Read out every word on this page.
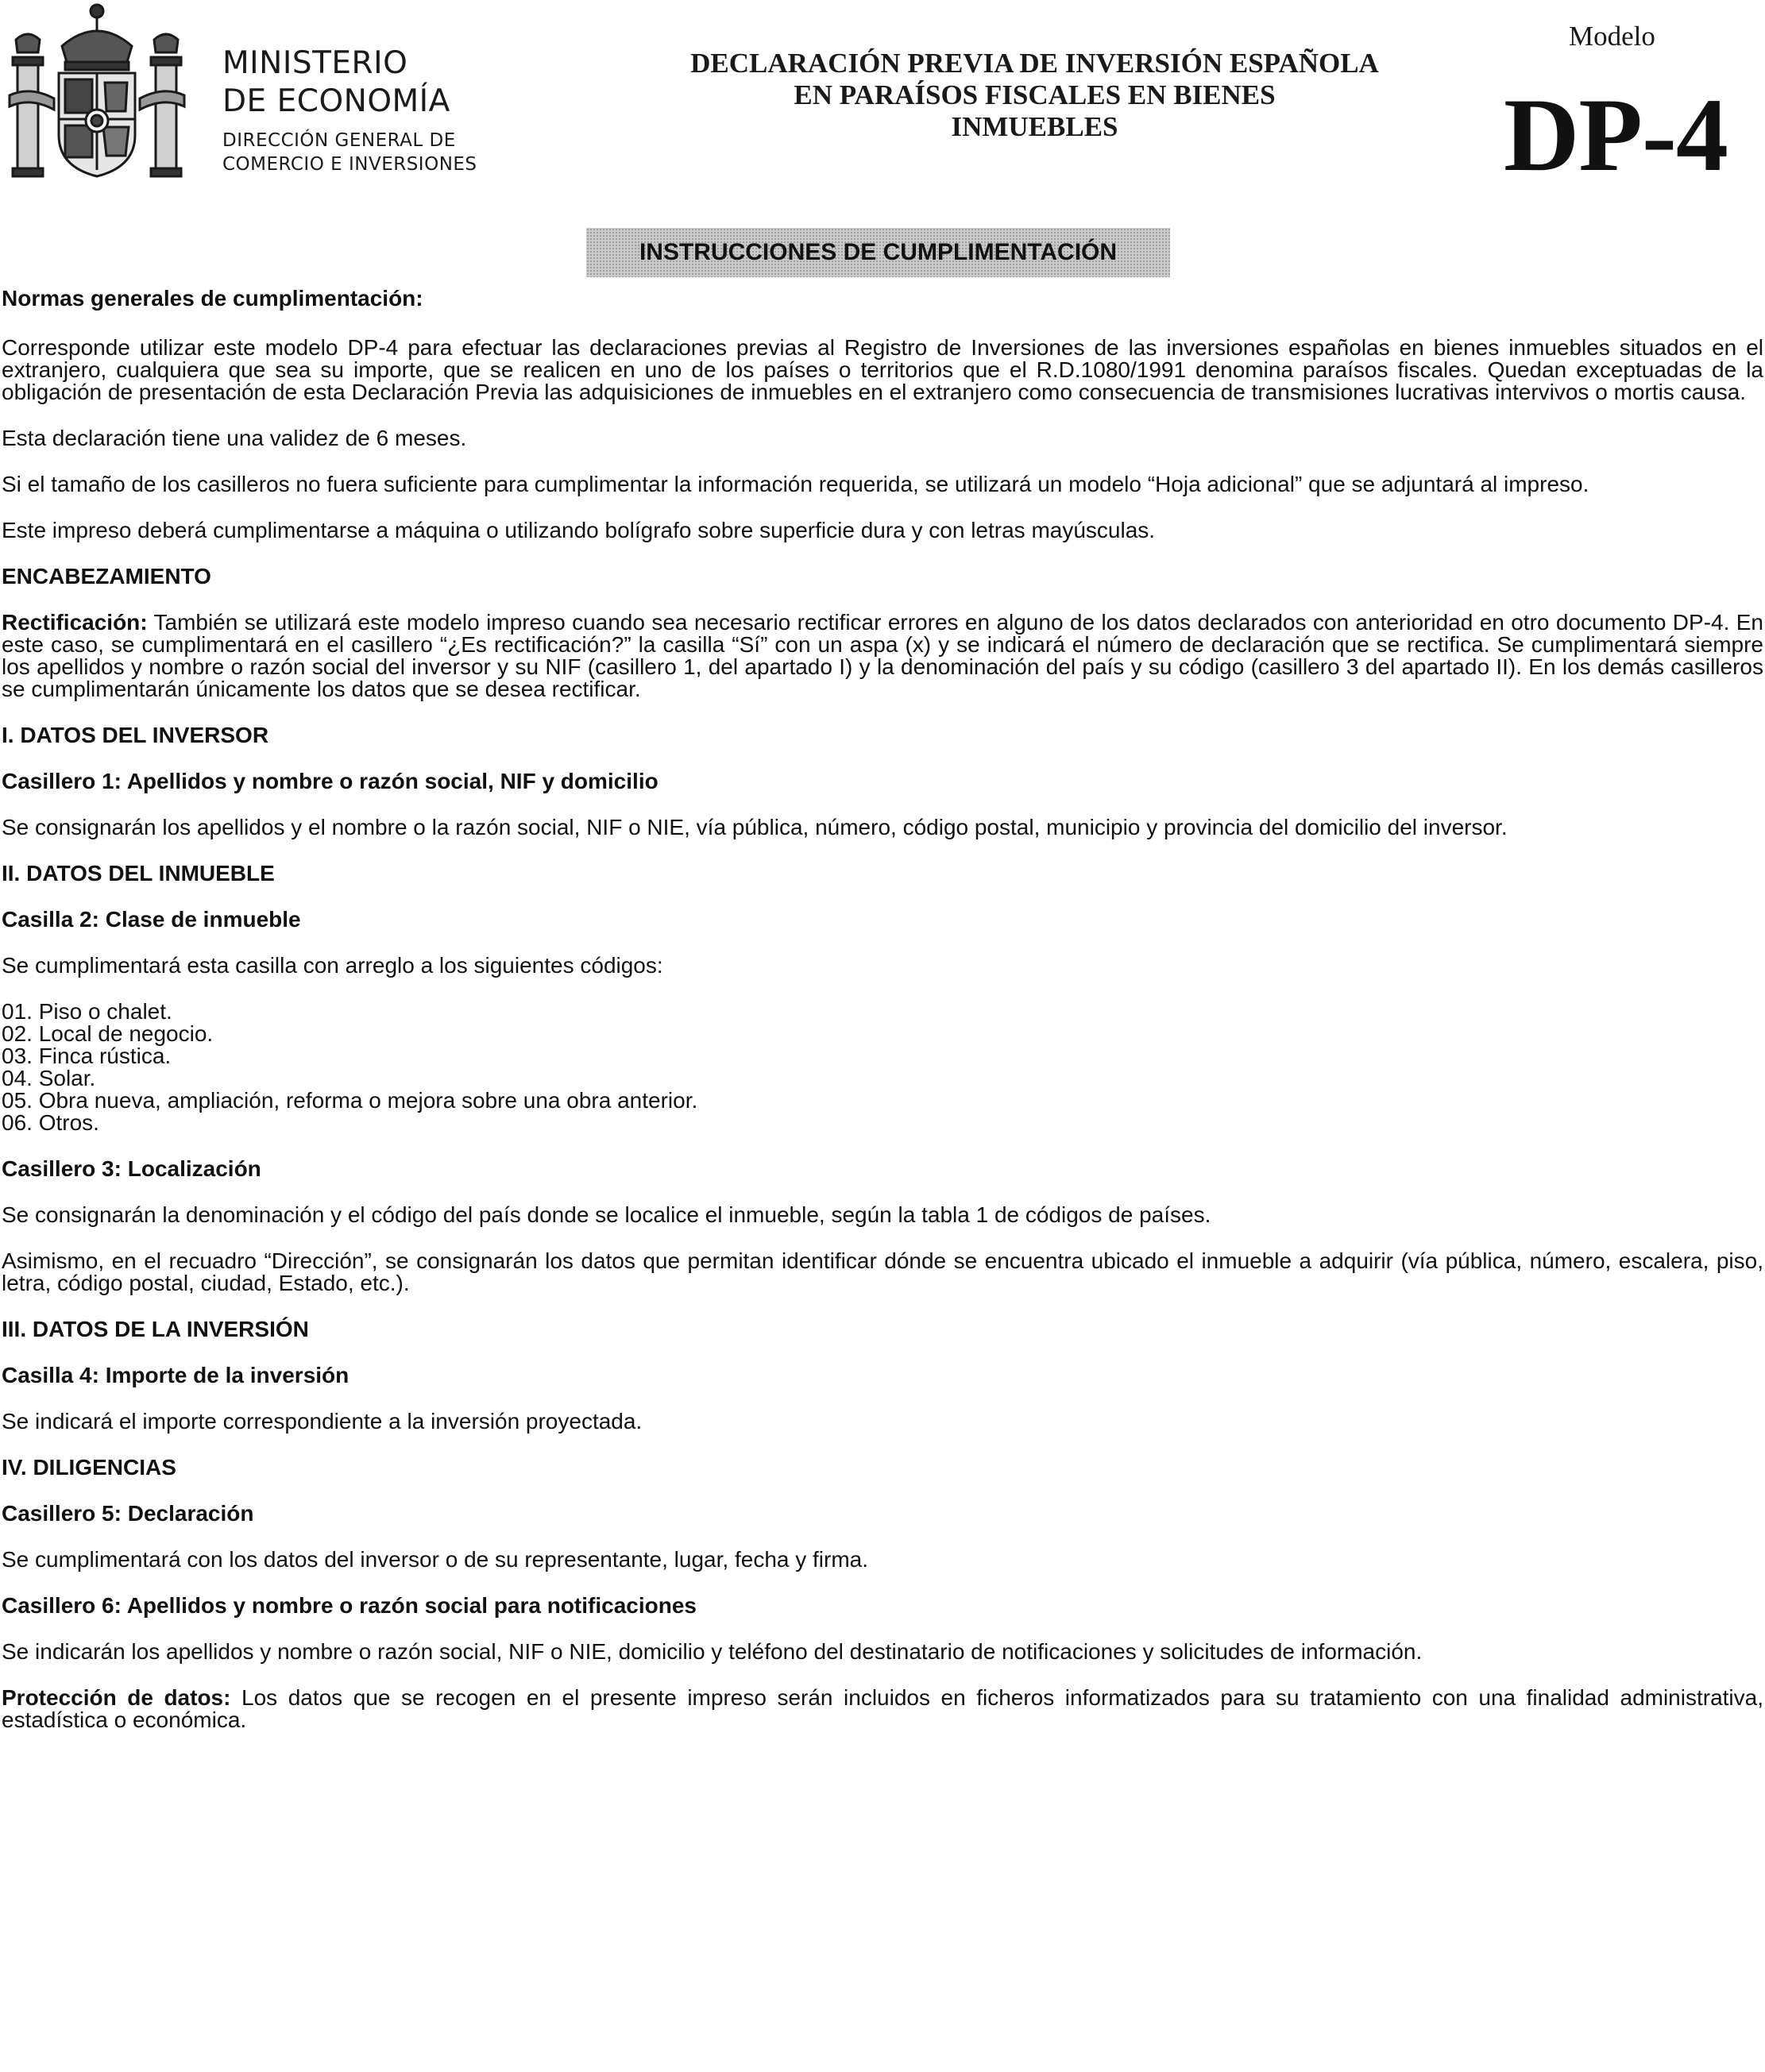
MINISTERIO
DE ECONOMÍA
DIRECCIÓN GENERAL DE
COMERCIO E INVERSIONES
DECLARACIÓN PREVIA DE INVERSIÓN ESPAÑOLA
EN PARAÍSOS FISCALES EN BIENES
INMUEBLES
Modelo
DP-4
INSTRUCCIONES DE CUMPLIMENTACIÓN

Normas generales de cumplimentación:

Corresponde utilizar este modelo DP-4 para efectuar las declaraciones previas al Registro de Inversiones de las inversiones españolas en bienes inmuebles situados en el extranjero, cualquiera que sea su importe, que se realicen en uno de los países o territorios que el R.D.1080/1991 denomina paraísos fiscales. Quedan exceptuadas de la obligación de presentación de esta Declaración Previa las adquisiciones de inmuebles en el extranjero como consecuencia de transmisiones lucrativas intervivos o mortis causa.

Esta declaración tiene una validez de 6 meses.

Si el tamaño de los casilleros no fuera suficiente para cumplimentar la información requerida, se utilizará un modelo “Hoja adicional” que se adjuntará al impreso.

Este impreso deberá cumplimentarse a máquina o utilizando bolígrafo sobre superficie dura y con letras mayúsculas.

ENCABEZAMIENTO

Rectificación: También se utilizará este modelo impreso cuando sea necesario rectificar errores en alguno de los datos declarados con anterioridad en otro documento DP-4. En este caso, se cumplimentará en el casillero “¿Es rectificación?” la casilla “Sí” con un aspa (x) y se indicará el número de declaración que se rectifica. Se cumplimentará siempre los apellidos y nombre o razón social del inversor y su NIF (casillero 1, del apartado I) y la denominación del país y su código (casillero 3 del apartado II). En los demás casilleros se cumplimentarán únicamente los datos que se desea rectificar.

I. DATOS DEL INVERSOR

Casillero 1: Apellidos y nombre o razón social, NIF y domicilio

Se consignarán los apellidos y el nombre o la razón social, NIF o NIE, vía pública, número, código postal, municipio y provincia del domicilio del inversor.

II. DATOS DEL INMUEBLE

Casilla 2: Clase de inmueble

Se cumplimentará esta casilla con arreglo a los siguientes códigos:

01. Piso o chalet.

02. Local de negocio.

03. Finca rústica.

04. Solar.

05. Obra nueva, ampliación, reforma o mejora sobre una obra anterior.

06. Otros.

Casillero 3: Localización

Se consignarán la denominación y el código del país donde se localice el inmueble, según la tabla 1 de códigos de países.

Asimismo, en el recuadro “Dirección”, se consignarán los datos que permitan identificar dónde se encuentra ubicado el inmueble a adquirir (vía pública, número, escalera, piso, letra, código postal, ciudad, Estado, etc.).

III. DATOS DE LA INVERSIÓN

Casilla 4: Importe de la inversión

Se indicará el importe correspondiente a la inversión proyectada.

IV. DILIGENCIAS

Casillero 5: Declaración

Se cumplimentará con los datos del inversor o de su representante, lugar, fecha y firma.

Casillero 6: Apellidos y nombre o razón social para notificaciones

Se indicarán los apellidos y nombre o razón social, NIF o NIE, domicilio y teléfono del destinatario de notificaciones y solicitudes de información.

Protección de datos: Los datos que se recogen en el presente impreso serán incluidos en ficheros informatizados para su tratamiento con una finalidad administrativa, estadística o económica.
